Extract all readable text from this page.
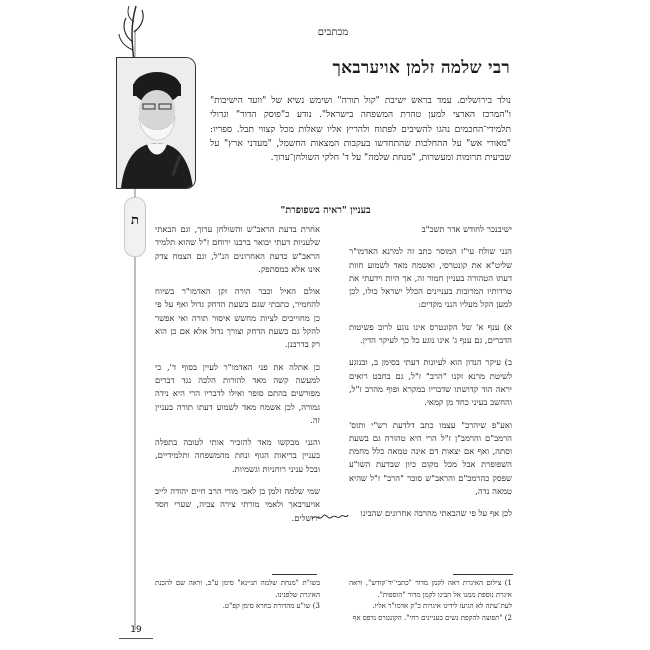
מכתבים
ת
רבי שלמה זלמן אויערבאך
נולד בירושלים. עמד בראש ישיבת "קול תורה" ושימש נשיא של "וועד הישיבות" ו"המרכז הארצי למען טהרת המשפחה בישראל". נודע כ"פוסק הדור" וגדולי תלמידי־החכמים נהגו להשיבים לפתוח ולהריץ אליו שאלות מכל קצווי תבל. ספריו: "מאורי אש" על ההחלכות שהתחדשו בעקבות המצאות החשמל, "מעדני ארץ" על שביעית תרומות ומעשרות, "מנחת שלמה" על ד' חלקי השולחן־ערוך.
בעניין "ראיה בשפופרת"

ישיבנכר לחודש אדר תשכ"ב

הנני שולח עי"ז המוסר כתב זה למרנא האדמו"ר שליט"א את קונטרסי, ואשמח מאד לשמוע חוות דעתו הטהורה בעניין חמור זה, אך היות וידעתי את טרדותיו המרובות בעניינים הכלל ישראל כולו, לכן למען הקל מעליו הנני מקדים:

א) ענף א' של הקונטרס אינו נוגע לרוב פשיטות הדברים, גם ענף ג' אינו נוגע כל כך לעיקר הדין.

ב) עיקר הנדון הוא לעיונות דעתי בסימן ב, ובנוגע לשיטת מרנא זקנו "הרב" ז"ל, גם בחבט רואים יראה הוד קדושתו שדבריו במקרא ופוף מהרב ז"ל, והחשב בעיני כחד מן קמאי.

ואע"פ שיהרב" עצמו כתב דלדעת רש"י ותוס' הרמב"ם והרמב"ן ז"ל הרי היא טהורה גם בשעת וסתה, ואף אם יצאות דם אינה טמאה כלל מחמת השפופרת אבל מכל מקום כיון שבדעת השו"ע שפסק כהרמב"ם והראב"ש סובר "הרב" ז"ל שהיא טמאה נדה,

לכן אף על פי שהבאתי מהרבה אחרונים שהבינו

אחרת בדעת הראב"ש והשולחן ערוך, וגם הבאתי שלעניות דעתי יבואר ברבנו ירוחם ז"ל שהוא תלמיד הראב"ש כדעת האחרונים הנ"ל, וגם הצמח צדק אינו אלא כמסתפק.

אולם האיל וכבר הורה זקן האדמו"ר בשיוח להחמיר, כתבתי שגם בשעת הדחק גדול ואף על פי כן מחוייבים לציות מחשש איסור תורה ואי אפשר להקל גם בשעת הדחק וצורך גדול אלא אם כן הוא רק בדרבנן.

כן אתלה את פני האדמו"ר לעיין בסוף ד', כי למעשה קשה מאד להורות הלכה נגד דברים מפורשים בהתם סופר ואילו לדבריו הרי היא נידה גמורה, לכן אשמח מאד לשמוע דעתו תורה בעניין זה.

והנני מבקשו מאד להזכיר אותי לטובה בתפלה בעניין בריאות הגוף ונחת מהמשפחה ותלמידיים, ובכל עניני רוחניות וגשמיות.

שמי שלמה זלמן בן לאבי מורי הרב חיים יהודה לייב אויערבאך ולאמי מורתי צירה צביה, שערי חסד ירושלים.

1) צילום האיגרת ראה לקמן מדור "כתבי־יד־קודש", וראה איגרת נוספת ממנו אל הבינו לקמן מדור "הוספות".
לעת־עתה לא הגיעו לידינו איגרות כ"ק אדמו"ר אליו.
2) "תפוצה להקפת נשים בעניינים רחי". הקונטרס נדפס אף
בשו"ת "מנחת שלמה תניינא" סימן ע"ב, וראה שם להכנת האיגרת שלפנינו.
3) שו"ע מהדורת בחרא סימן קפ"ט.
19
